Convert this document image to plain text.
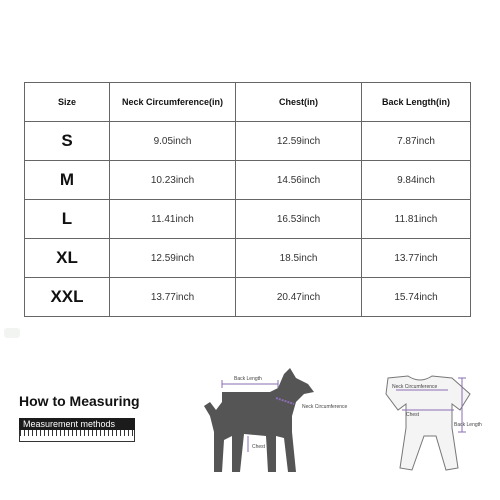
Size	Neck Circumference(in)	Chest(in)	Back Length(in)
S	9.05inch	12.59inch	7.87inch
M	10.23inch	14.56inch	9.84inch
L	11.41inch	16.53inch	11.81inch
XL	12.59inch	18.5inch	13.77inch
XXL	13.77inch	20.47inch	15.74inch
How to Measuring
Measurement methods
Back Length
Neck Circumference
Chest
Neck Circumference
Chest
Back Length
